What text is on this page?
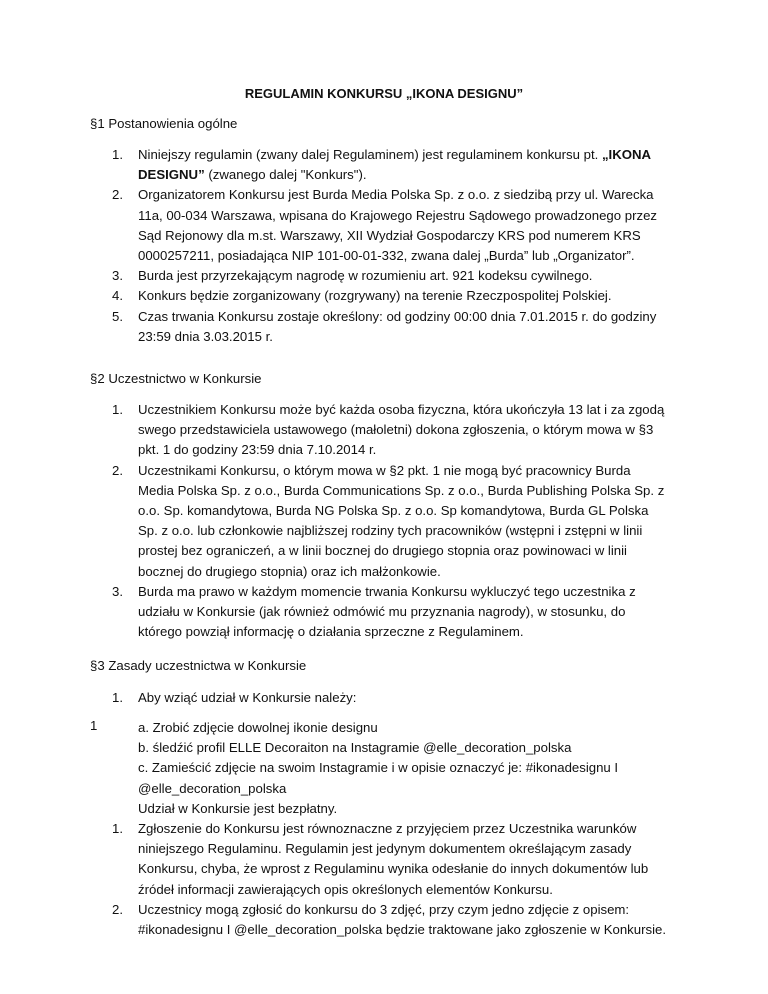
REGULAMIN KONKURSU „IKONA DESIGNU”
§1 Postanowienia ogólne
1. Niniejszy regulamin (zwany dalej Regulaminem) jest regulaminem konkursu pt. „IKONA DESIGNU” (zwanego dalej "Konkurs").
2. Organizatorem Konkursu jest Burda Media Polska Sp. z o.o. z siedzibą przy ul. Warecka 11a, 00-034 Warszawa, wpisana do Krajowego Rejestru Sądowego prowadzonego przez Sąd Rejonowy dla m.st. Warszawy, XII Wydział Gospodarczy KRS pod numerem KRS 0000257211, posiadająca NIP 101-00-01-332, zwana dalej „Burda” lub „Organizator”.
3. Burda jest przyrzekającym nagrodę w rozumieniu art. 921 kodeksu cywilnego.
4. Konkurs będzie zorganizowany (rozgrywany) na terenie Rzeczpospolitej Polskiej.
5. Czas trwania Konkursu zostaje określony: od godziny 00:00 dnia 7.01.2015 r. do godziny 23:59 dnia 3.03.2015 r.
§2 Uczestnictwo w Konkursie
1. Uczestnikiem Konkursu może być każda osoba fizyczna, która ukończyła 13 lat i za zgodą swego przedstawiciela ustawowego (małoletni) dokona zgłoszenia, o którym mowa w §3 pkt. 1 do godziny 23:59 dnia 7.10.2014 r.
2. Uczestnikami Konkursu, o którym mowa w §2 pkt. 1 nie mogą być pracownicy Burda Media Polska Sp. z o.o., Burda Communications Sp. z o.o., Burda Publishing Polska Sp. z o.o. Sp. komandytowa, Burda NG Polska Sp. z o.o. Sp komandytowa, Burda GL Polska Sp. z o.o. lub członkowie najbliższej rodziny tych pracowników (wstępni i zstępni w linii prostej bez ograniczeń, a w linii bocznej do drugiego stopnia oraz powinowaci w linii bocznej do drugiego stopnia) oraz ich małżonkowie.
3. Burda ma prawo w każdym momencie trwania Konkursu wykluczyć tego uczestnika z udziału w Konkursie (jak również odmówić mu przyznania nagrody), w stosunku, do którego powziął informację o działania sprzeczne z Regulaminem.
§3 Zasady uczestnictwa w Konkursie
1. Aby wziąć udział w Konkursie należy:
1	a. Zrobić zdjęcie dowolnej ikonie designu
b. śledźić profil ELLE Decoraiton na Instagramie @elle_decoration_polska
c. Zamieścić zdjęcie na swoim Instagramie i w opisie oznaczyć je: #ikonadesignu I
@elle_decoration_polska
Udział w Konkursie jest bezpłatny.
1. Zgłoszenie do Konkursu jest równoznaczne z przyjęciem przez Uczestnika warunków niniejszego Regulaminu. Regulamin jest jedynym dokumentem określającym zasady Konkursu, chyba, że wprost z Regulaminu wynika odesłanie do innych dokumentów lub źródeł informacji zawierających opis określonych elementów Konkursu.
2. Uczestnicy mogą zgłosić do konkursu do 3 zdjęć, przy czym jedno zdjęcie z opisem: #ikonadesignu I @elle_decoration_polska będzie traktowane jako zgłoszenie w Konkursie.
